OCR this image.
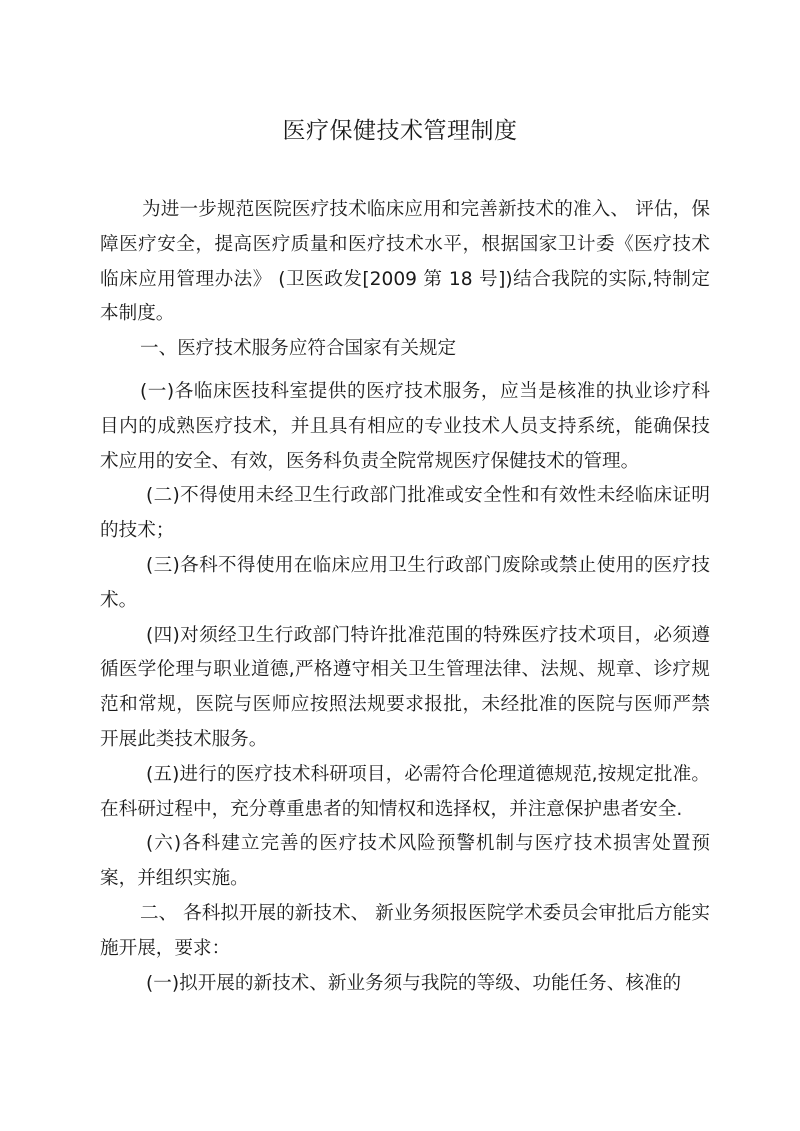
医疗保健技术管理制度

为进一步规范医院医疗技术临床应用和完善新技术的准入、 评估，保障医疗安全，提高医疗质量和医疗技术水平，根据国家卫计委《医疗技术临床应用管理办法》 (卫医政发[2009 第 18 号])结合我院的实际,特制定本制度。

一、医疗技术服务应符合国家有关规定

(一)各临床医技科室提供的医疗技术服务，应当是核准的执业诊疗科目内的成熟医疗技术，并且具有相应的专业技术人员支持系统，能确保技术应用的安全、有效，医务科负责全院常规医疗保健技术的管理。

(二)不得使用未经卫生行政部门批准或安全性和有效性未经临床证明的技术；

(三)各科不得使用在临床应用卫生行政部门废除或禁止使用的医疗技术。

(四)对须经卫生行政部门特许批准范围的特殊医疗技术项目，必须遵循医学伦理与职业道德,严格遵守相关卫生管理法律、法规、规章、诊疗规范和常规，医院与医师应按照法规要求报批，未经批准的医院与医师严禁开展此类技术服务。

(五)进行的医疗技术科研项目，必需符合伦理道德规范,按规定批准。在科研过程中，充分尊重患者的知情权和选择权，并注意保护患者安全.

(六)各科建立完善的医疗技术风险预警机制与医疗技术损害处置预案，并组织实施。

二、 各科拟开展的新技术、 新业务须报医院学术委员会审批后方能实施开展，要求：

(一)拟开展的新技术、新业务须与我院的等级、功能任务、核准的
